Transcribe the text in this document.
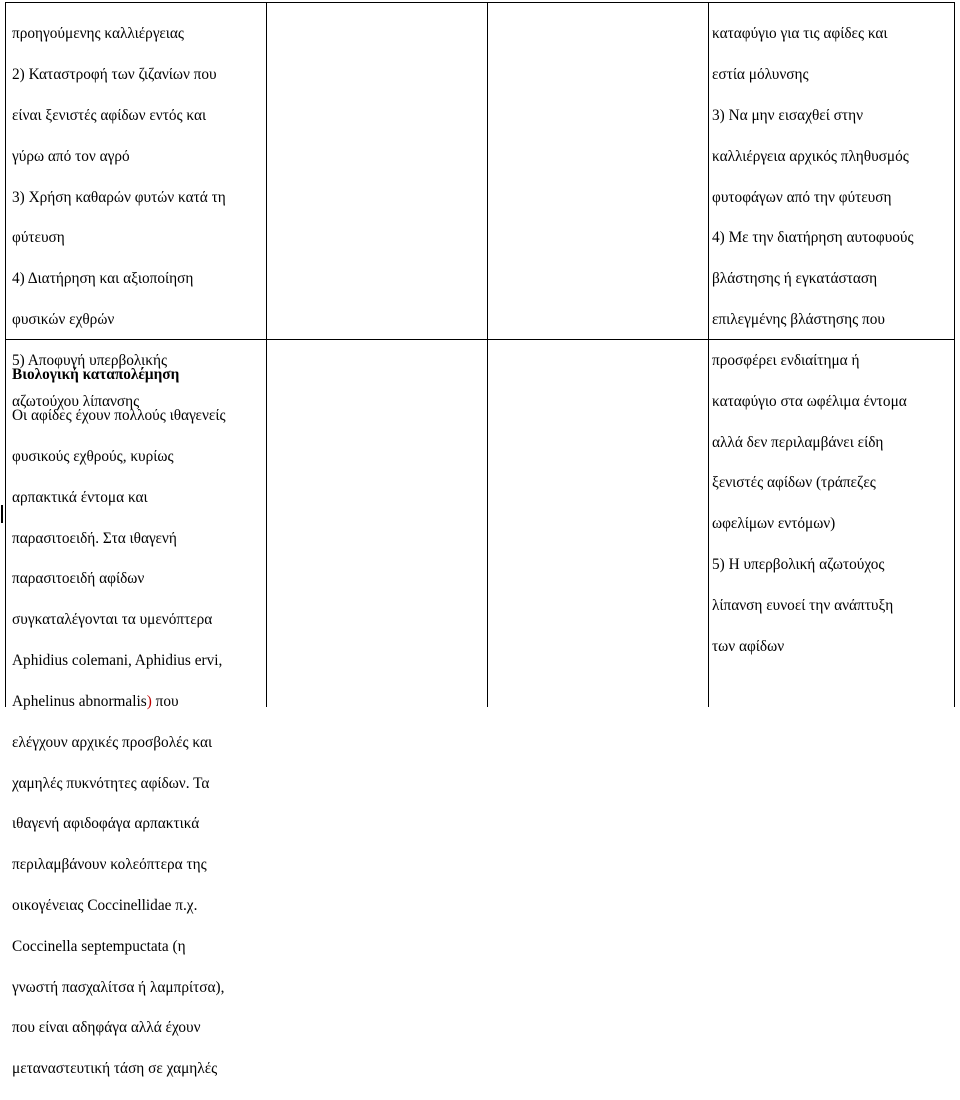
προηγούμενης καλλιέργειας

2) Καταστροφή των ζιζανίων που

είναι ξενιστές αφίδων εντός και

γύρω από τον αγρό

3) Χρήση καθαρών φυτών κατά τη

φύτευση

4) Διατήρηση και αξιοποίηση

φυσικών εχθρών

5) Αποφυγή υπερβολικής

αζωτούχου λίπανσης

καταφύγιο για τις αφίδες και

εστία μόλυνσης

3) Να μην εισαχθεί στην

καλλιέργεια αρχικός πληθυσμός

φυτοφάγων από την φύτευση

4) Με την διατήρηση αυτοφυούς

βλάστησης ή εγκατάσταση

επιλεγμένης βλάστησης που

προσφέρει ενδιαίτημα ή

καταφύγιο στα ωφέλιμα έντομα

αλλά δεν περιλαμβάνει είδη

ξενιστές αφίδων (τράπεζες

ωφελίμων εντόμων)

5) Η υπερβολική αζωτούχος

λίπανση ευνοεί την ανάπτυξη

των αφίδων

Βιολογική καταπολέμηση

Οι αφίδες έχουν πολλούς ιθαγενείς

φυσικούς εχθρούς, κυρίως

αρπακτικά έντομα και

παρασιτοειδή. Στα ιθαγενή

παρασιτοειδή αφίδων

συγκαταλέγονται τα υμενόπτερα

Aphidius colemani, Aphidius ervi,

Aphelinus abnormalis) που

ελέγχουν αρχικές προσβολές και

χαμηλές πυκνότητες αφίδων. Τα

ιθαγενή αφιδοφάγα αρπακτικά

περιλαμβάνουν κολεόπτερα της

οικογένειας Coccinellidae π.χ.

Coccinella septempuctata (η

γνωστή πασχαλίτσα ή λαμπρίτσα),

που είναι αδηφάγα αλλά έχουν

μεταναστευτική τάση σε χαμηλές
